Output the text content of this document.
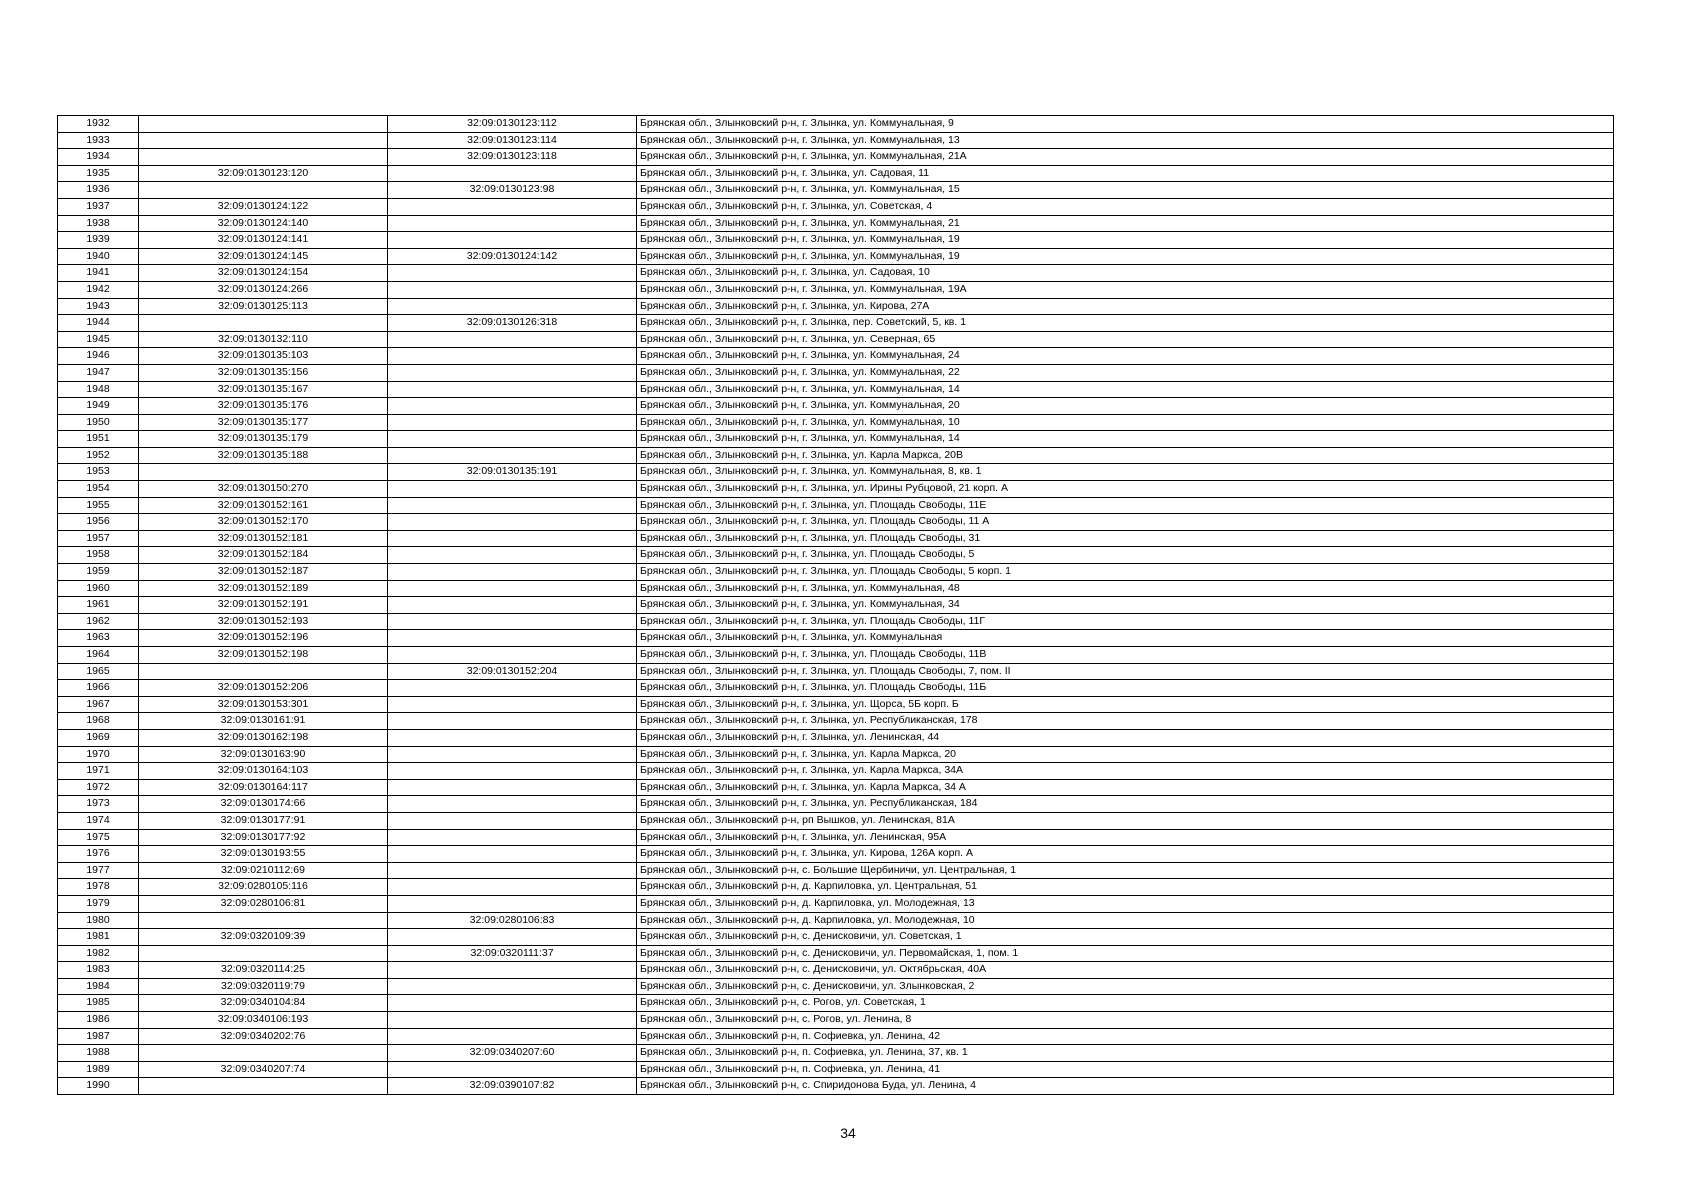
1932		32:09:0130123:112	Брянская обл., Злынковский р-н, г. Злынка, ул. Коммунальная, 9
1933		32:09:0130123:114	Брянская обл., Злынковский р-н, г. Злынка, ул. Коммунальная, 13
1934		32:09:0130123:118	Брянская обл., Злынковский р-н, г. Злынка, ул. Коммунальная, 21А
1935	32:09:0130123:120		Брянская обл., Злынковский р-н, г. Злынка, ул. Садовая, 11
1936		32:09:0130123:98	Брянская обл., Злынковский р-н, г. Злынка, ул. Коммунальная, 15
1937	32:09:0130124:122		Брянская обл., Злынковский р-н, г. Злынка, ул. Советская, 4
1938	32:09:0130124:140		Брянская обл., Злынковский р-н, г. Злынка, ул. Коммунальная, 21
1939	32:09:0130124:141		Брянская обл., Злынковский р-н, г. Злынка, ул. Коммунальная, 19
1940	32:09:0130124:145	32:09:0130124:142	Брянская обл., Злынковский р-н, г. Злынка, ул. Коммунальная, 19
1941	32:09:0130124:154		Брянская обл., Злынковский р-н, г. Злынка, ул. Садовая, 10
1942	32:09:0130124:266		Брянская обл., Злынковский р-н, г. Злынка, ул. Коммунальная, 19А
1943	32:09:0130125:113		Брянская обл., Злынковский р-н, г. Злынка, ул. Кирова, 27А
1944		32:09:0130126:318	Брянская обл., Злынковский р-н, г. Злынка, пер. Советский, 5, кв. 1
1945	32:09:0130132:110		Брянская обл., Злынковский р-н, г. Злынка, ул. Северная, 65
1946	32:09:0130135:103		Брянская обл., Злынковский р-н, г. Злынка, ул. Коммунальная, 24
1947	32:09:0130135:156		Брянская обл., Злынковский р-н, г. Злынка, ул. Коммунальная, 22
1948	32:09:0130135:167		Брянская обл., Злынковский р-н, г. Злынка, ул. Коммунальная, 14
1949	32:09:0130135:176		Брянская обл., Злынковский р-н, г. Злынка, ул. Коммунальная, 20
1950	32:09:0130135:177		Брянская обл., Злынковский р-н, г. Злынка, ул. Коммунальная, 10
1951	32:09:0130135:179		Брянская обл., Злынковский р-н, г. Злынка, ул. Коммунальная, 14
1952	32:09:0130135:188		Брянская обл., Злынковский р-н, г. Злынка, ул. Карла Маркса, 20В
1953		32:09:0130135:191	Брянская обл., Злынковский р-н, г. Злынка, ул. Коммунальная, 8, кв. 1
1954	32:09:0130150:270		Брянская обл., Злынковский р-н, г. Злынка, ул. Ирины Рубцовой, 21 корп. А
1955	32:09:0130152:161		Брянская обл., Злынковский р-н, г. Злынка, ул. Площадь Свободы, 11Е
1956	32:09:0130152:170		Брянская обл., Злынковский р-н, г. Злынка, ул. Площадь Свободы, 11 А
1957	32:09:0130152:181		Брянская обл., Злынковский р-н, г. Злынка, ул. Площадь Свободы, 31
1958	32:09:0130152:184		Брянская обл., Злынковский р-н, г. Злынка, ул. Площадь Свободы, 5
1959	32:09:0130152:187		Брянская обл., Злынковский р-н, г. Злынка, ул. Площадь Свободы, 5 корп. 1
1960	32:09:0130152:189		Брянская обл., Злынковский р-н, г. Злынка, ул. Коммунальная, 48
1961	32:09:0130152:191		Брянская обл., Злынковский р-н, г. Злынка, ул. Коммунальная, 34
1962	32:09:0130152:193		Брянская обл., Злынковский р-н, г. Злынка, ул. Площадь Свободы, 11Г
1963	32:09:0130152:196		Брянская обл., Злынковский р-н, г. Злынка, ул. Коммунальная
1964	32:09:0130152:198		Брянская обл., Злынковский р-н, г. Злынка, ул. Площадь Свободы, 11В
1965		32:09:0130152:204	Брянская обл., Злынковский р-н, г. Злынка, ул. Площадь Свободы, 7, пом. II
1966	32:09:0130152:206		Брянская обл., Злынковский р-н, г. Злынка, ул. Площадь Свободы, 11Б
1967	32:09:0130153:301		Брянская обл., Злынковский р-н, г. Злынка, ул. Щорса, 5Б корп. Б
1968	32:09:0130161:91		Брянская обл., Злынковский р-н, г. Злынка, ул. Республиканская, 178
1969	32:09:0130162:198		Брянская обл., Злынковский р-н, г. Злынка, ул. Ленинская, 44
1970	32:09:0130163:90		Брянская обл., Злынковский р-н, г. Злынка, ул. Карла Маркса, 20
1971	32:09:0130164:103		Брянская обл., Злынковский р-н, г. Злынка, ул. Карла Маркса, 34А
1972	32:09:0130164:117		Брянская обл., Злынковский р-н, г. Злынка, ул. Карла Маркса, 34 А
1973	32:09:0130174:66		Брянская обл., Злынковский р-н, г. Злынка, ул. Республиканская, 184
1974	32:09:0130177:91		Брянская обл., Злынковский р-н, рп Вышков, ул. Ленинская, 81А
1975	32:09:0130177:92		Брянская обл., Злынковский р-н, г. Злынка, ул. Ленинская, 95А
1976	32:09:0130193:55		Брянская обл., Злынковский р-н, г. Злынка, ул. Кирова, 126А корп. А
1977	32:09:0210112:69		Брянская обл., Злынковский р-н, с. Большие Щербиничи, ул. Центральная, 1
1978	32:09:0280105:116		Брянская обл., Злынковский р-н, д. Карпиловка, ул. Центральная, 51
1979	32:09:0280106:81		Брянская обл., Злынковский р-н, д. Карпиловка, ул. Молодежная, 13
1980		32:09:0280106:83	Брянская обл., Злынковский р-н, д. Карпиловка, ул. Молодежная, 10
1981	32:09:0320109:39		Брянская обл., Злынковский р-н, с. Денисковичи, ул. Советская, 1
1982		32:09:0320111:37	Брянская обл., Злынковский р-н, с. Денисковичи, ул. Первомайская, 1, пом. 1
1983	32:09:0320114:25		Брянская обл., Злынковский р-н, с. Денисковичи, ул. Октябрьская, 40А
1984	32:09:0320119:79		Брянская обл., Злынковский р-н, с. Денисковичи, ул. Злынковская, 2
1985	32:09:0340104:84		Брянская обл., Злынковский р-н, с. Рогов, ул. Советская, 1
1986	32:09:0340106:193		Брянская обл., Злынковский р-н, с. Рогов, ул. Ленина, 8
1987	32:09:0340202:76		Брянская обл., Злынковский р-н, п. Софиевка, ул. Ленина, 42
1988		32:09:0340207:60	Брянская обл., Злынковский р-н, п. Софиевка, ул. Ленина, 37, кв. 1
1989	32:09:0340207:74		Брянская обл., Злынковский р-н, п. Софиевка, ул. Ленина, 41
1990		32:09:0390107:82	Брянская обл., Злынковский р-н, с. Спиридонова Буда, ул. Ленина, 4
34
